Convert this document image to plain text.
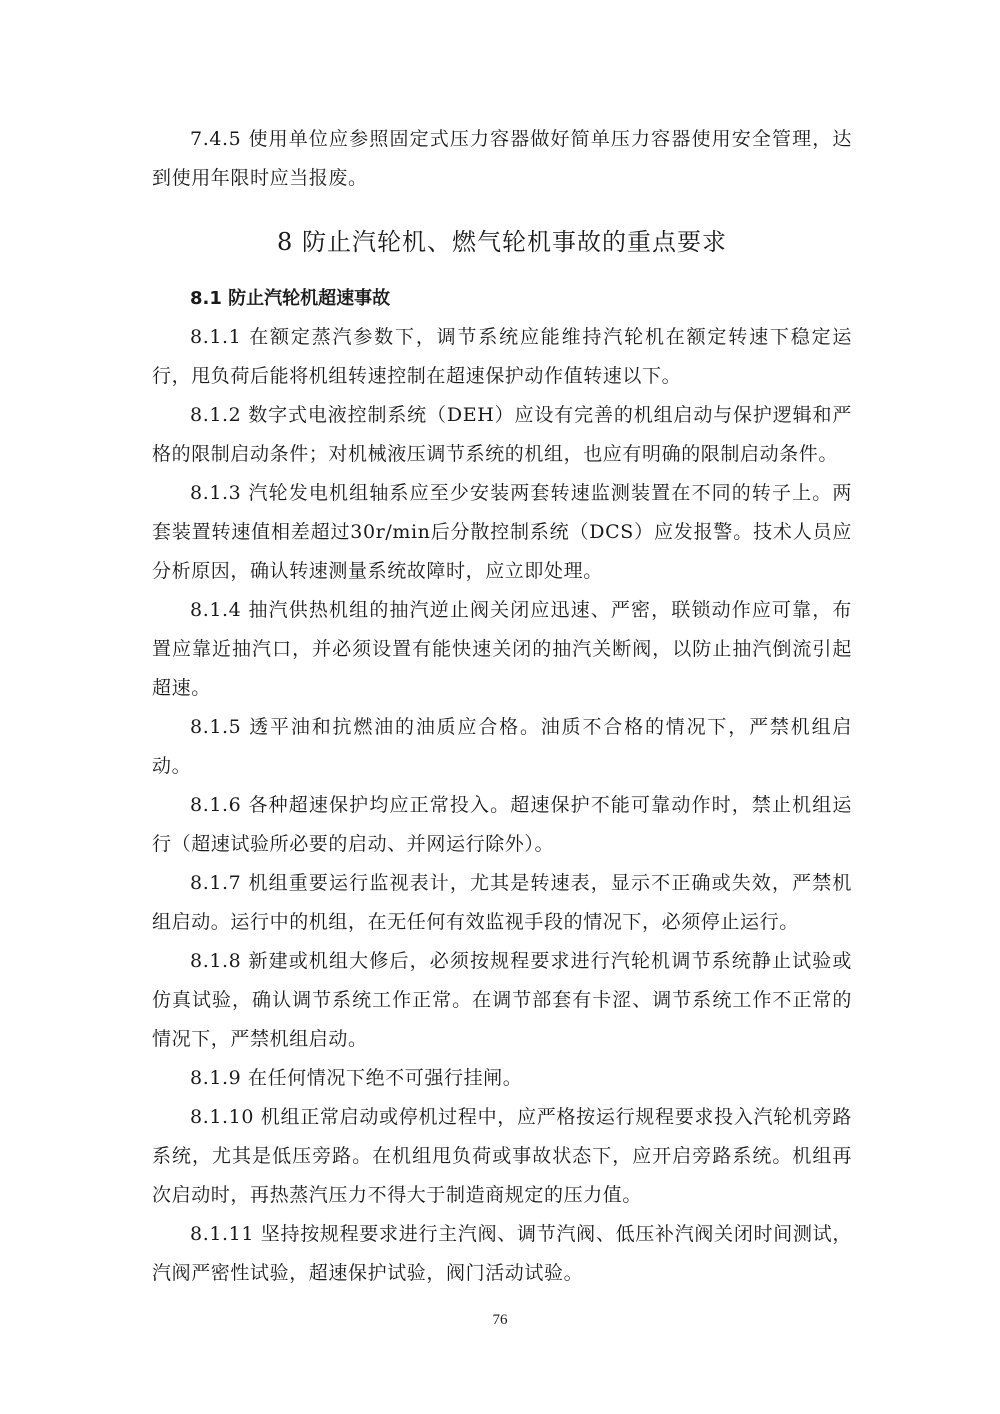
7.4.5 使用单位应参照固定式压力容器做好简单压力容器使用安全管理，达到使用年限时应当报废。

8 防止汽轮机、燃气轮机事故的重点要求

8.1 防止汽轮机超速事故

8.1.1 在额定蒸汽参数下，调节系统应能维持汽轮机在额定转速下稳定运行，甩负荷后能将机组转速控制在超速保护动作值转速以下。

8.1.2 数字式电液控制系统（DEH）应设有完善的机组启动与保护逻辑和严格的限制启动条件；对机械液压调节系统的机组，也应有明确的限制启动条件。

8.1.3 汽轮发电机组轴系应至少安装两套转速监测装置在不同的转子上。两套装置转速值相差超过30r/min后分散控制系统（DCS）应发报警。技术人员应分析原因，确认转速测量系统故障时，应立即处理。

8.1.4 抽汽供热机组的抽汽逆止阀关闭应迅速、严密，联锁动作应可靠，布置应靠近抽汽口，并必须设置有能快速关闭的抽汽关断阀，以防止抽汽倒流引起超速。

8.1.5 透平油和抗燃油的油质应合格。油质不合格的情况下，严禁机组启动。

8.1.6 各种超速保护均应正常投入。超速保护不能可靠动作时，禁止机组运行（超速试验所必要的启动、并网运行除外）。

8.1.7 机组重要运行监视表计，尤其是转速表，显示不正确或失效，严禁机组启动。运行中的机组，在无任何有效监视手段的情况下，必须停止运行。

8.1.8 新建或机组大修后，必须按规程要求进行汽轮机调节系统静止试验或仿真试验，确认调节系统工作正常。在调节部套有卡涩、调节系统工作不正常的情况下，严禁机组启动。

8.1.9 在任何情况下绝不可强行挂闸。

8.1.10 机组正常启动或停机过程中，应严格按运行规程要求投入汽轮机旁路系统，尤其是低压旁路。在机组甩负荷或事故状态下，应开启旁路系统。机组再次启动时，再热蒸汽压力不得大于制造商规定的压力值。

8.1.11 坚持按规程要求进行主汽阀、调节汽阀、低压补汽阀关闭时间测试，汽阀严密性试验，超速保护试验，阀门活动试验。

76
